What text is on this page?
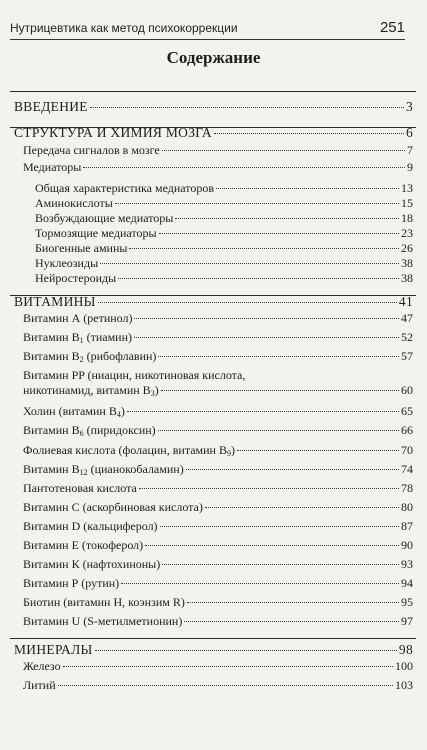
Нутрицевтика как метод психокоррекции	251
Содержание
ВВЕДЕНИЕ	3
СТРУКТУРА И ХИМИЯ МОЗГА	6
Передача сигналов в мозге	7
Медиаторы	9
Общая характеристика медиаторов	13
Аминокислоты	15
Возбуждающие медиаторы	18
Тормозящие медиаторы	23
Биогенные амины	26
Нуклеозиды	38
Нейростероиды	38
ВИТАМИНЫ	41
Витамин А (ретинол)	47
Витамин $В_1$ (тиамин)	52
Витамин $В_2$ (рибофлавин)	57
Витамин PP (ниацин, никотиновая кислота,
никотинамид, витамин $В_3$)	60
Холин (витамин $В_4$)	65
Витамин $В_6$ (пиридоксин)	66
Фолиевая кислота (фолацин, витамин $В_9$)	70
Витамин $В_{12}$ (цианокобаламин)	74
Пантотеновая кислота	78
Витамин С (аскорбиновая кислота)	80
Витамин D (кальциферол)	87
Витамин Е (токоферол)	90
Витамин К (нафтохиноны)	93
Витамин Р (рутин)	94
Биотин (витамин Н, коэнзим R)	95
Витамин U (S-метилметионин)	97
МИНЕРАЛЫ	98
Железо	100
Литий	103
